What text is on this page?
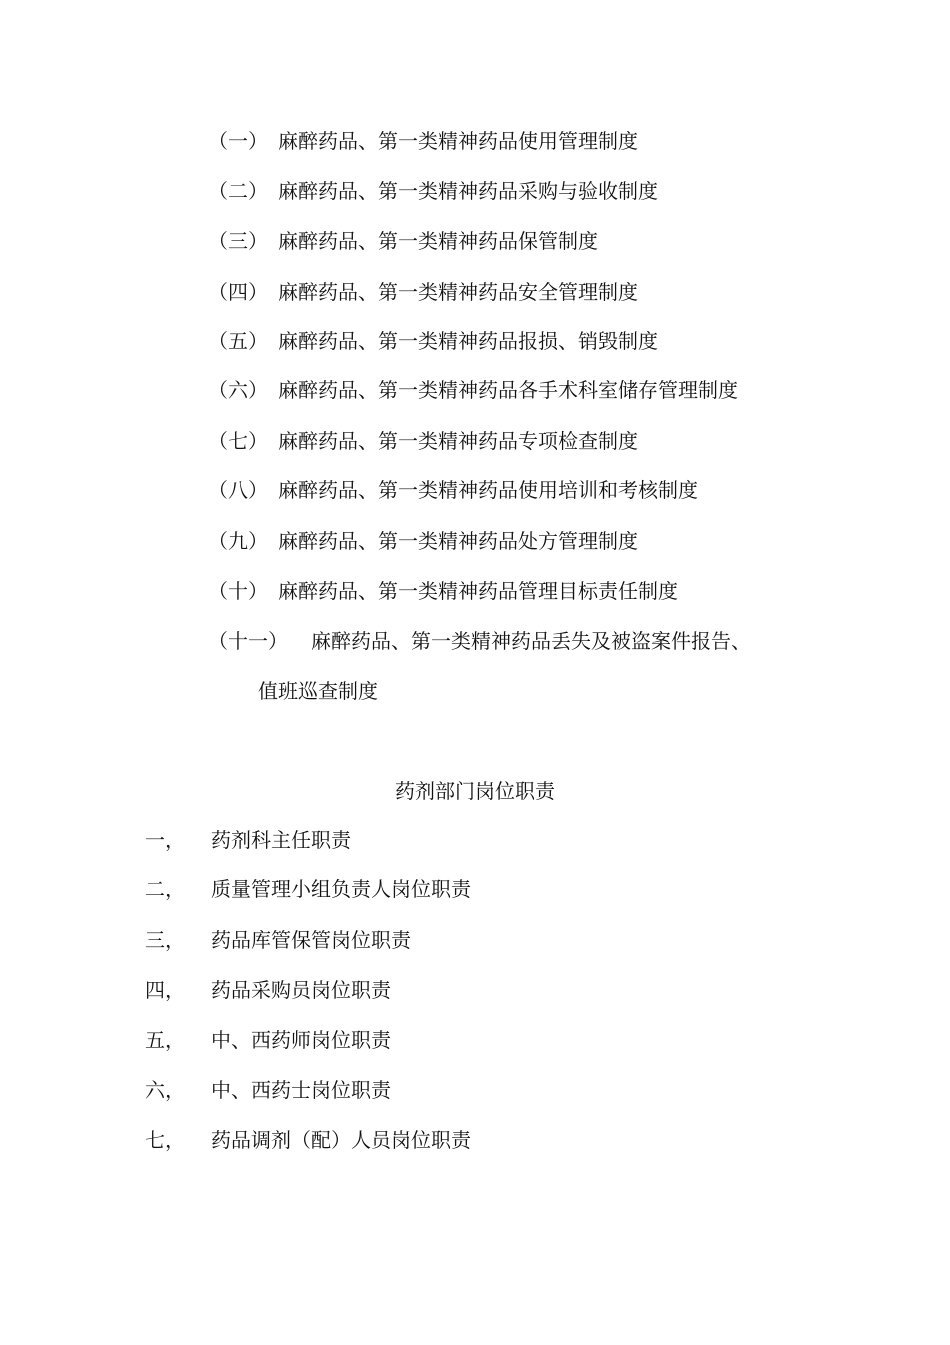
（一） 麻醉药品、第一类精神药品使用管理制度
（二） 麻醉药品、第一类精神药品采购与验收制度
（三） 麻醉药品、第一类精神药品保管制度
（四） 麻醉药品、第一类精神药品安全管理制度
（五） 麻醉药品、第一类精神药品报损、销毁制度
（六） 麻醉药品、第一类精神药品各手术科室储存管理制度
（七） 麻醉药品、第一类精神药品专项检查制度
（八） 麻醉药品、第一类精神药品使用培训和考核制度
（九） 麻醉药品、第一类精神药品处方管理制度
（十） 麻醉药品、第一类精神药品管理目标责任制度
（十一） 麻醉药品、第一类精神药品丢失及被盗案件报告、
值班巡查制度
药剂部门岗位职责
一， 药剂科主任职责
二， 质量管理小组负责人岗位职责
三， 药品库管保管岗位职责
四， 药品采购员岗位职责
五， 中、西药师岗位职责
六， 中、西药士岗位职责
七， 药品调剂（配）人员岗位职责
